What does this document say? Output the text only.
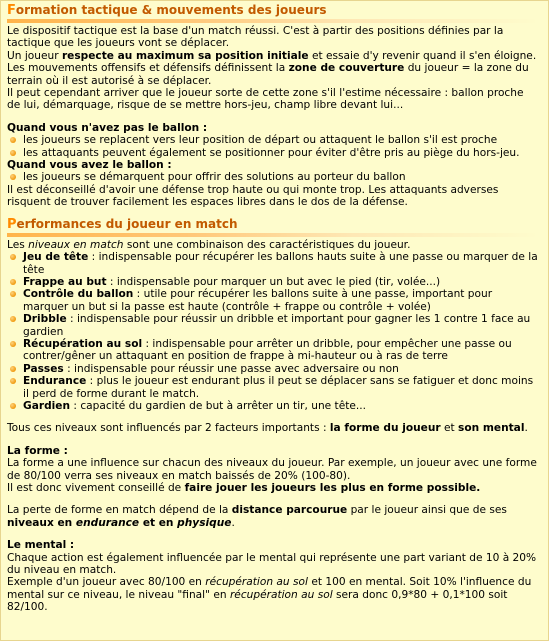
Formation tactique & mouvements des joueurs

Le dispositif tactique est la base d'un match réussi. C'est à partir des positions définies par la tactique que les joueurs vont se déplacer.

Un joueur respecte au maximum sa position initiale et essaie d'y revenir quand il s'en éloigne.

Les mouvements offensifs et défensifs définissent la zone de couverture du joueur = la zone du terrain où il est autorisé à se déplacer.

Il peut cependant arriver que le joueur sorte de cette zone s'il l'estime nécessaire : ballon proche de lui, démarquage, risque de se mettre hors-jeu, champ libre devant lui...

Quand vous n'avez pas le ballon :

les joueurs se replacent vers leur position de départ ou attaquent le ballon s'il est proche
les attaquants peuvent également se positionner pour éviter d'être pris au piège du hors-jeu.

Quand vous avez le ballon :

les joueurs se démarquent pour offrir des solutions au porteur du ballon

Il est déconseillé d'avoir une défense trop haute ou qui monte trop. Les attaquants adverses risquent de trouver facilement les espaces libres dans le dos de la défense.

Performances du joueur en match

Les niveaux en match sont une combinaison des caractéristiques du joueur.

Jeu de tête : indispensable pour récupérer les ballons hauts suite à une passe ou marquer de la tête
Frappe au but : indispensable pour marquer un but avec le pied (tir, volée...)
Contrôle du ballon : utile pour récupérer les ballons suite à une passe, important pour marquer un but si la passe est haute (contrôle + frappe ou contrôle + volée)
Dribble : indispensable pour réussir un dribble et important pour gagner les 1 contre 1 face au gardien
Récupération au sol : indispensable pour arrêter un dribble, pour empêcher une passe ou contrer/gêner un attaquant en position de frappe à mi-hauteur ou à ras de terre
Passes : indispensable pour réussir une passe avec adversaire ou non
Endurance : plus le joueur est endurant plus il peut se déplacer sans se fatiguer et donc moins il perd de forme durant le match.
Gardien : capacité du gardien de but à arrêter un tir, une tête...

Tous ces niveaux sont influencés par 2 facteurs importants : la forme du joueur et son mental.

La forme :

La forme a une influence sur chacun des niveaux du joueur. Par exemple, un joueur avec une forme de 80/100 verra ses niveaux en match baissés de 20% (100-80).

Il est donc vivement conseillé de faire jouer les joueurs les plus en forme possible.

La perte de forme en match dépend de la distance parcourue par le joueur ainsi que de ses niveaux en endurance et en physique.

Le mental :

Chaque action est également influencée par le mental qui représente une part variant de 10 à 20% du niveau en match.

Exemple d'un joueur avec 80/100 en récupération au sol et 100 en mental. Soit 10% l'influence du mental sur ce niveau, le niveau "final" en récupération au sol sera donc 0,9*80 + 0,1*100 soit 82/100.
